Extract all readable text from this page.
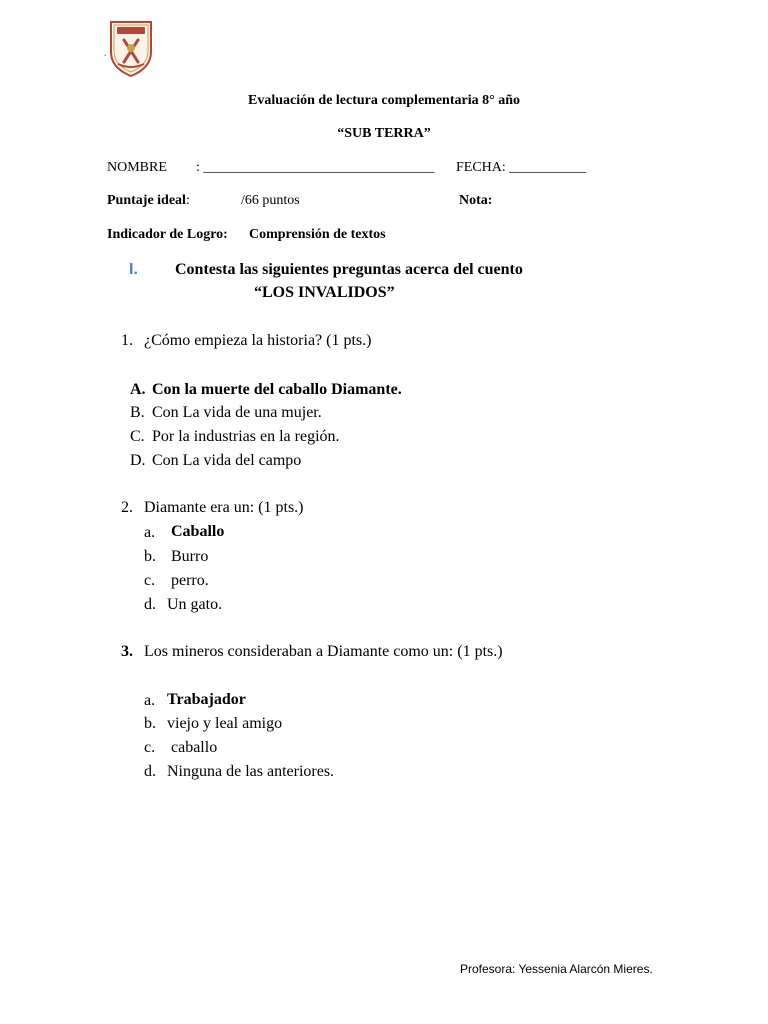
.
Evaluación de lectura complementaria 8° año
“SUB TERRA”
NOMBRE : _________________________________ FECHA: ___________
Puntaje ideal:	/66 puntos	Nota:
Indicador de Logro: Comprensión de textos
I. Contesta las siguientes preguntas acerca del cuento
“LOS INVALIDOS”
1. ¿Cómo empieza la historia? (1 pts.)
A. Con la muerte del caballo Diamante.
B. Con La vida de una mujer.
C. Por la industrias en la región.
D. Con La vida del campo
2. Diamante era un: (1 pts.)
a. Caballo
b. Burro
c. perro.
d. Un gato.
3. Los mineros consideraban a Diamante como un: (1 pts.)
a. Trabajador
b. viejo y leal amigo
c. caballo
d. Ninguna de las anteriores.
Profesora: Yessenia Alarcón Mieres.
